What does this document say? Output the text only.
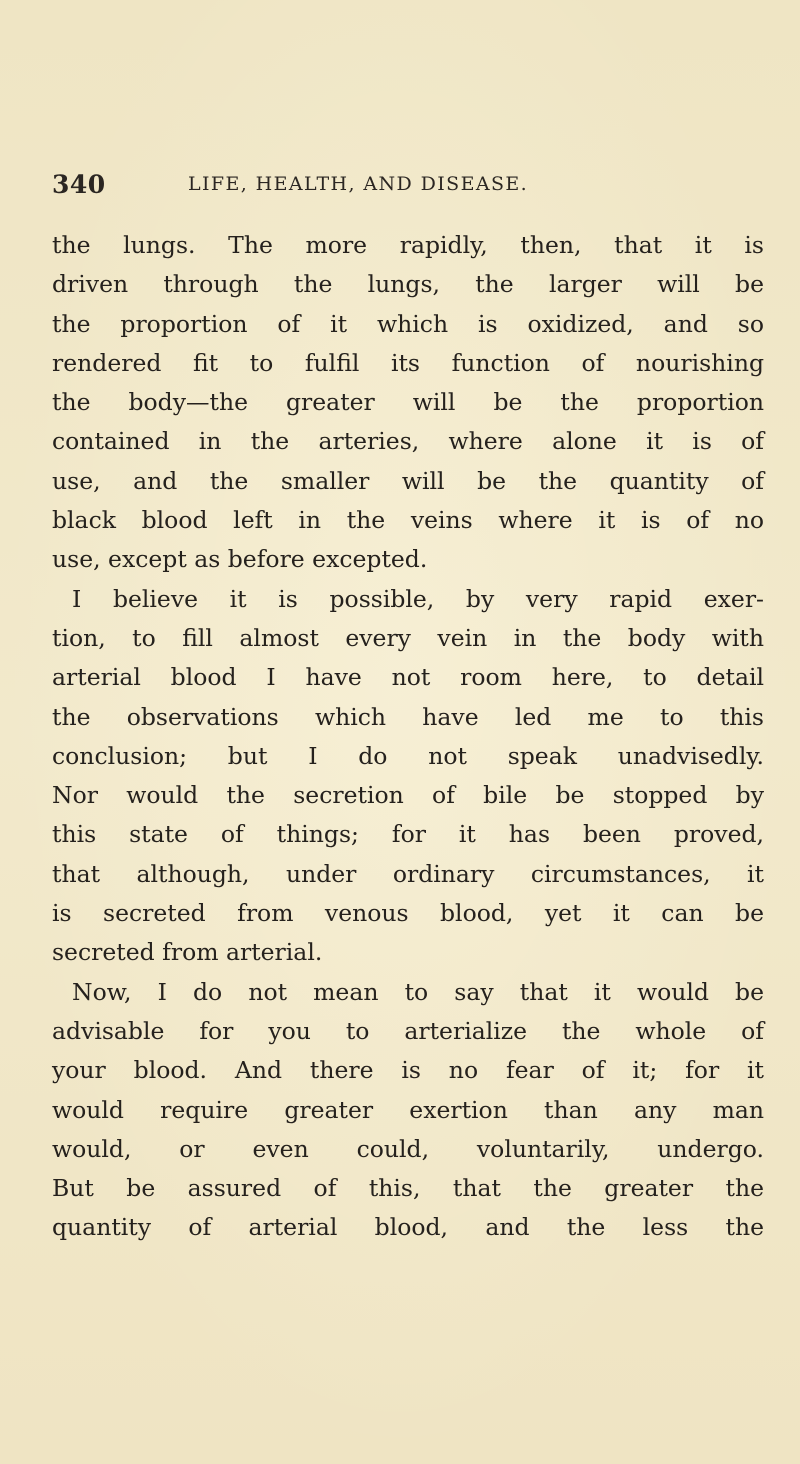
340	LIFE, HEALTH, AND DISEASE.
the lungs. The more rapidly, then, that it is
driven through the lungs, the larger will be
the proportion of it which is oxidized, and so
rendered fit to fulfil its function of nourishing
the body—the greater will be the proportion
contained in the arteries, where alone it is of
use, and the smaller will be the quantity of
black blood left in the veins where it is of no
use, except as before excepted.
I believe it is possible, by very rapid exer-
tion, to fill almost every vein in the body with
arterial blood I have not room here, to detail
the observations which have led me to this
conclusion; but I do not speak unadvisedly.
Nor would the secretion of bile be stopped by
this state of things; for it has been proved,
that although, under ordinary circumstances, it
is secreted from venous blood, yet it can be
secreted from arterial.
Now, I do not mean to say that it would be
advisable for you to arterialize the whole of
your blood. And there is no fear of it; for it
would require greater exertion than any man
would, or even could, voluntarily, undergo.
But be assured of this, that the greater the
quantity of arterial blood, and the less the
